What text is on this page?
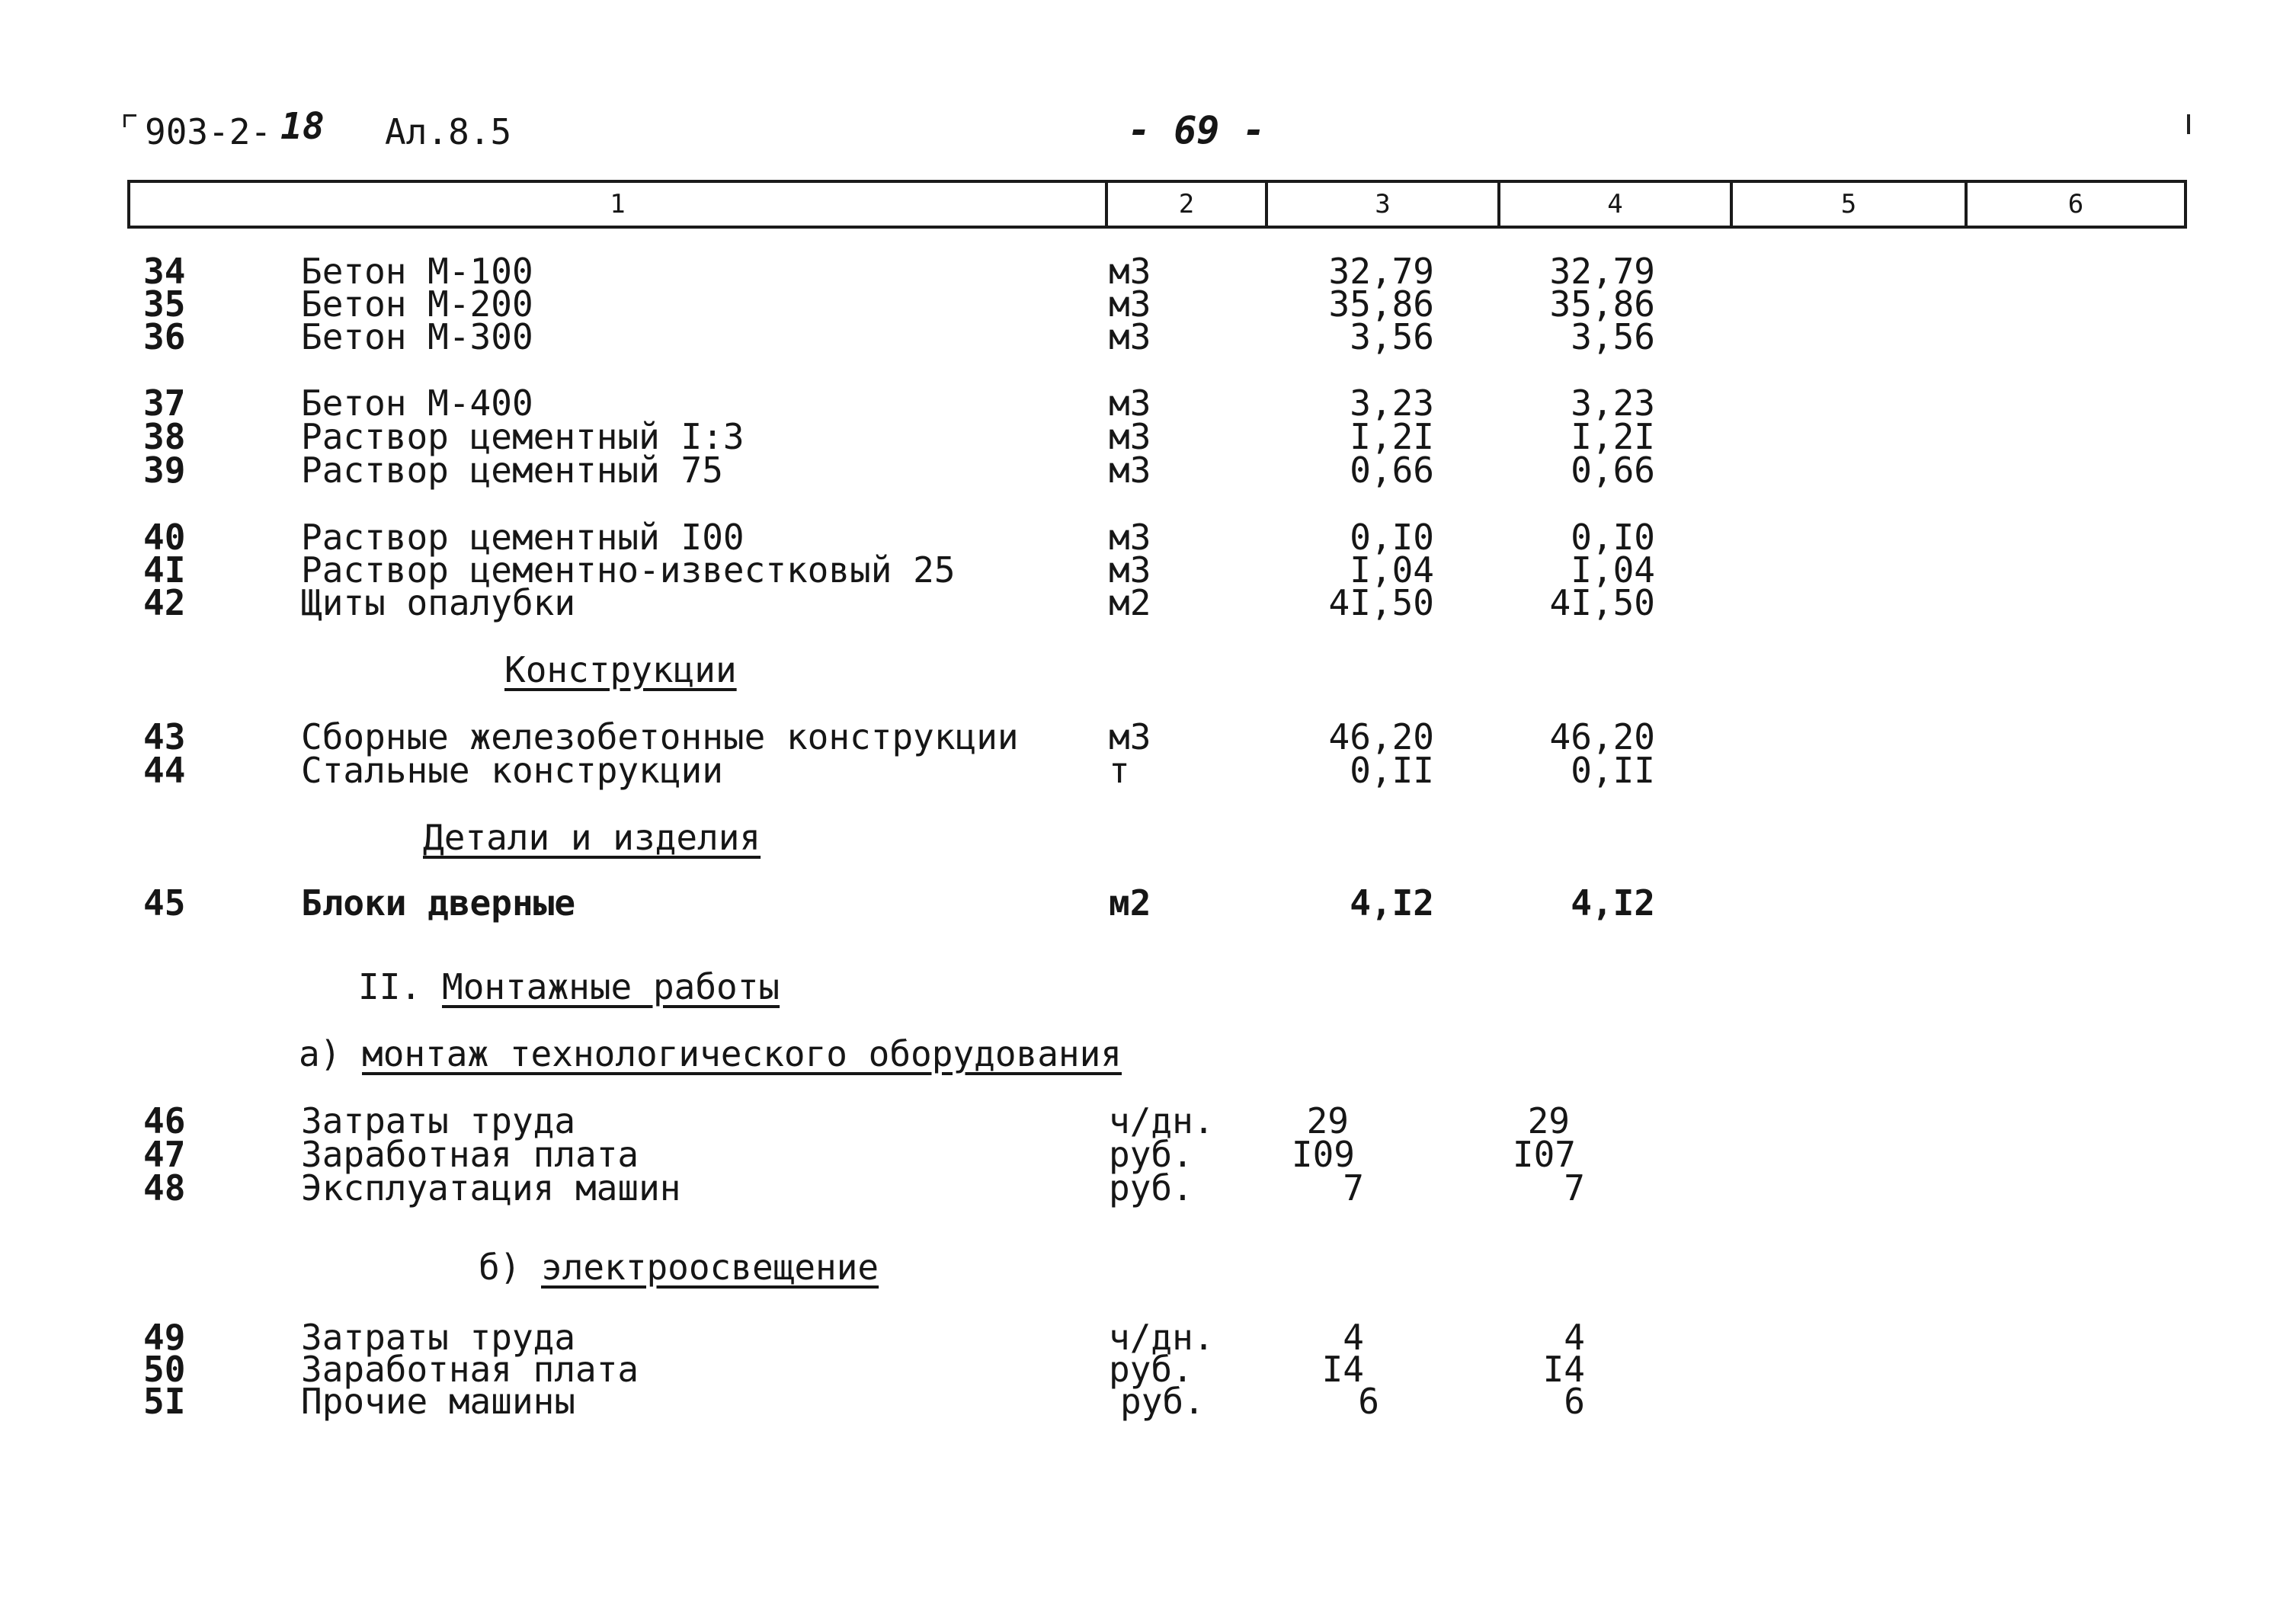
903-2- 18 Ал.8.5	- 69 -
1	2	3	4	5	6
34	Бетон М-100	м3	32,79	32,79
35	Бетон М-200	м3	35,86	35,86
36	Бетон М-300	м3	3,56	3,56
37	Бетон М-400	м3	3,23	3,23
38	Раствор цементный I:3	м3	I,2I	I,2I
39	Раствор цементный 75	м3	0,66	0,66
40	Раствор цементный I00	м3	0,I0	0,I0
4I	Раствор цементно-известковый 25	м3	I,04	I,04
42	Щиты опалубки	м2	4I,50	4I,50
Конструкции
43	Сборные железобетонные конструкции	м3	46,20	46,20
44	Стальные конструкции	т	0,II	0,II
Детали и изделия
45	Блоки дверные	м2	4,I2	4,I2
II. Монтажные работы
а) монтаж технологического оборудования
46	Затраты труда	ч/дн.	29	29
47	Заработная плата	руб.	I09	I07
48	Эксплуатация машин	руб.	7	7
б) электроосвещение
49	Затраты труда	ч/дн.	4	4
50	Заработная плата	руб.	I4	I4
5I	Прочие машины	руб.	6	6
